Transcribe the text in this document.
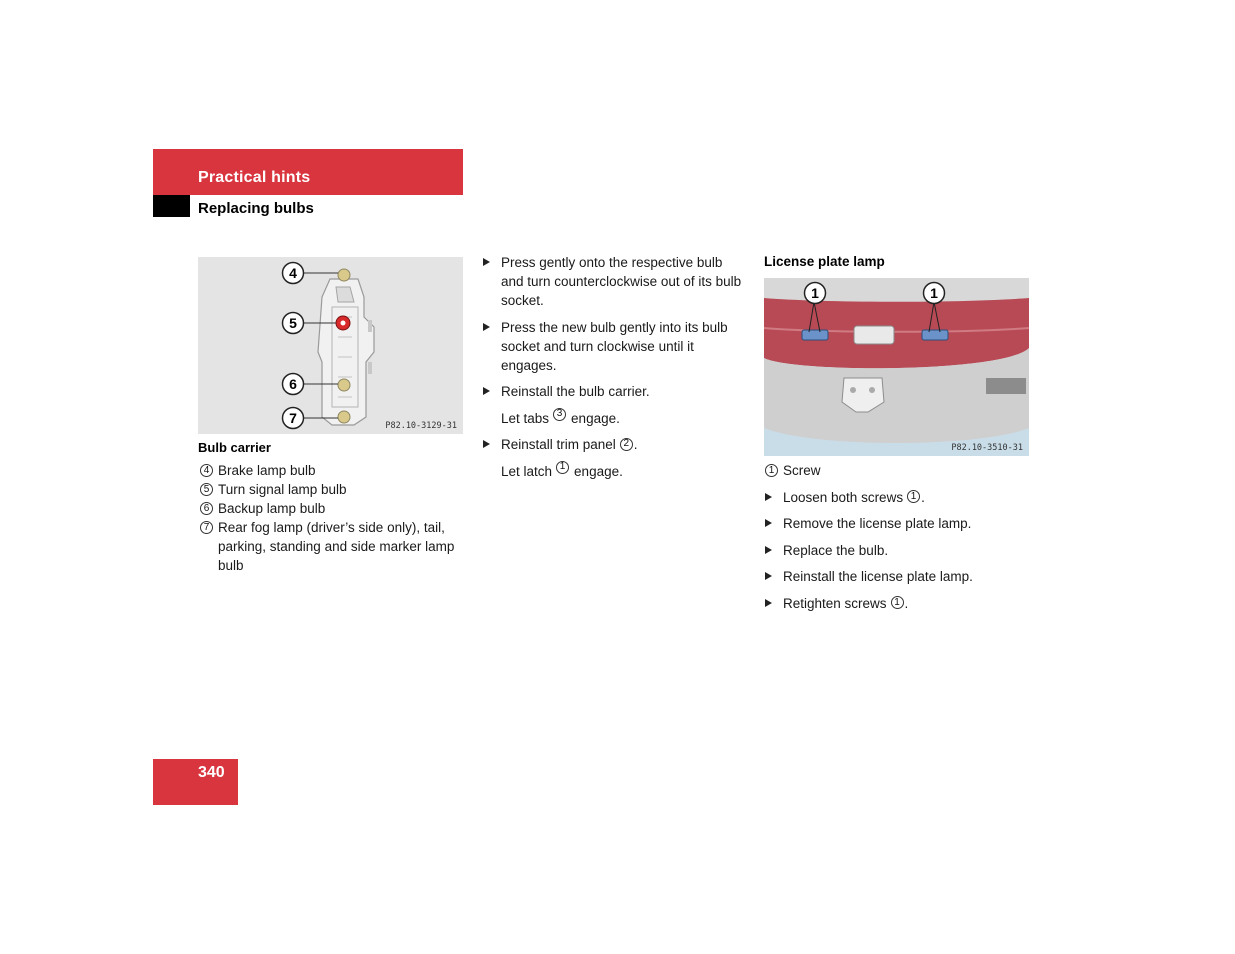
Practical hints
Replacing bulbs
4
5
6
7	P82.10-3129-31
Bulb carrier
4 Brake lamp bulb
5 Turn signal lamp bulb
6 Backup lamp bulb
7 Rear fog lamp (driver’s side only), tail, parking, standing and side marker lamp bulb
Press gently onto the respective bulb and turn counterclockwise out of its bulb socket.
Press the new bulb gently into its bulb socket and turn clockwise until it engages.
Reinstall the bulb carrier.
Let tabs 3 engage.
Reinstall trim panel 2 .
Let latch 1 engage.
License plate lamp
1	1
P82.10-3510-31
1 Screw
Loosen both screws 1 .
Remove the license plate lamp.
Replace the bulb.
Reinstall the license plate lamp.
Retighten screws 1 .
340
